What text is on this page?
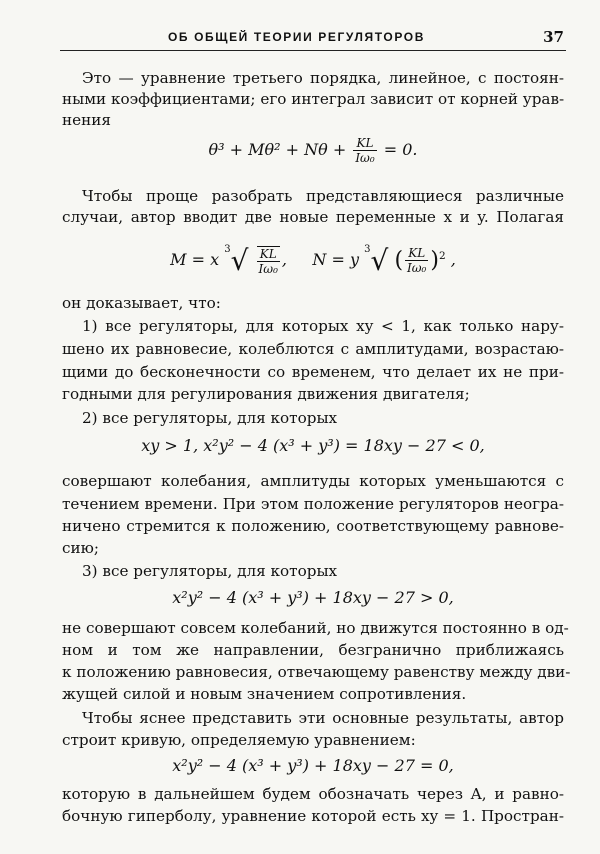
ОБ ОБЩЕЙ ТЕОРИИ РЕГУЛЯТОРОВ	37
Это — уравнение третьего порядка, линейное, с постоян-
ными коэффициентами; его интеграл зависит от корней урав-
нения
$\theta^3 + M\theta^2 + N\theta + \frac{KL}{\text{Iω₀}} = 0$.
Чтобы проще разобрать представляющиеся различные
случаи, автор вводит две новые переменные x и y. Полагая
M = x $^3√ \frac{KL}{\text{Iω₀}}$ ,     N = y $^3$√ ( $\frac{KL}{\text{Iω₀}} )^2$ ,
он доказывает, что:
1) все регуляторы, для которых xy < 1, как только нару-
шено их равновесие, колеблются с амплитудами, возрастаю-
щими до бесконечности со временем, что делает их не при-
годными для регулирования движения двигателя;
2) все регуляторы, для которых
xy > 1, x²y² − 4 (x³ + y³) = 18xy − 27 < 0,
совершают колебания, амплитуды которых уменьшаются с
течением времени. При этом положение регуляторов неогра-
ничено стремится к положению, соответствующему равнове-
сию;
3) все регуляторы, для которых
x²y² − 4 (x³ + y³) + 18xy − 27 > 0,
не совершают совсем колебаний, но движутся постоянно в од-
ном и том же направлении, безгранично приближаясь
к положению равновесия, отвечающему равенству между дви-
жущей силой и новым значением сопротивления.
Чтобы яснее представить эти основные результаты, автор
строит кривую, определяемую уравнением:
x²y² − 4 (x³ + y³) + 18xy − 27 = 0,
которую в дальнейшем будем обозначать через A, и равно-
бочную гиперболу, уравнение которой есть xy = 1. Простран-
